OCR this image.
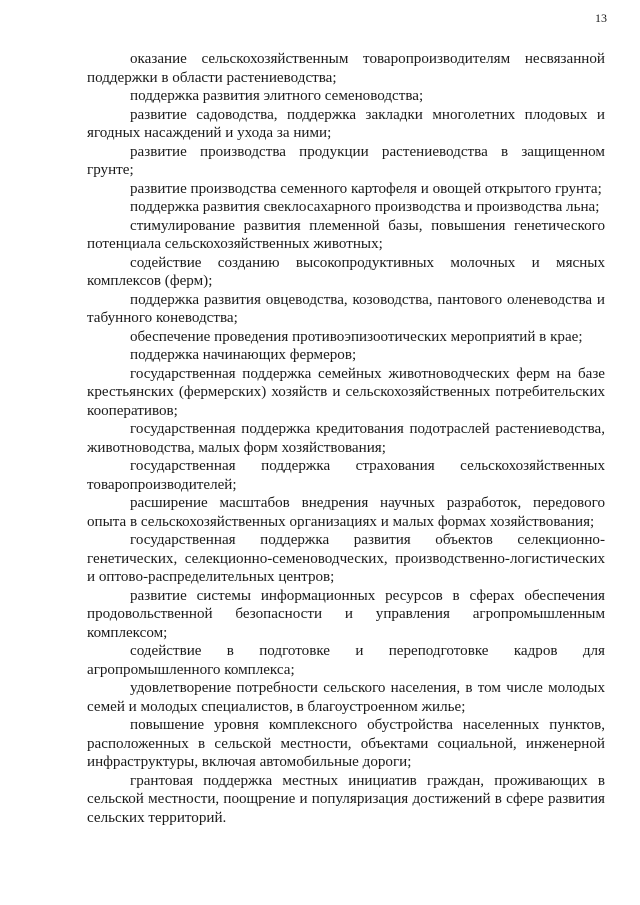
13

оказание сельскохозяйственным товаропроизводителям несвязанной поддержки в области растениеводства;

поддержка развития элитного семеноводства;

развитие садоводства, поддержка закладки многолетних плодовых и ягодных насаждений и ухода за ними;

развитие производства продукции растениеводства в защищенном грунте;

развитие производства семенного картофеля и овощей открытого грунта;

поддержка развития свеклосахарного производства и производства льна;

стимулирование развития племенной базы, повышения генетического потенциала сельскохозяйственных животных;

содействие созданию высокопродуктивных молочных и мясных комплексов (ферм);

поддержка развития овцеводства, козоводства, пантового оленеводства и табунного коневодства;

обеспечение проведения противоэпизоотических мероприятий в крае;

поддержка начинающих фермеров;

государственная поддержка семейных животноводческих ферм на базе крестьянских (фермерских) хозяйств и сельскохозяйственных потребительских кооперативов;

государственная поддержка кредитования подотраслей растениеводства, животноводства, малых форм хозяйствования;

государственная поддержка страхования сельскохозяйственных товаропроизводителей;

расширение масштабов внедрения научных разработок, передового опыта в сельскохозяйственных организациях и малых формах хозяйствования;

государственная поддержка развития объектов селекционно-генетических, селекционно-семеноводческих, производственно-логистических и оптово-распределительных центров;

развитие системы информационных ресурсов в сферах обеспечения продовольственной безопасности и управления агропромышленным комплексом;

содействие в подготовке и переподготовке кадров для агропромышленного комплекса;

удовлетворение потребности сельского населения, в том числе молодых семей и молодых специалистов, в благоустроенном жилье;

повышение уровня комплексного обустройства населенных пунктов, расположенных в сельской местности, объектами социальной, инженерной инфраструктуры, включая автомобильные дороги;

грантовая поддержка местных инициатив граждан, проживающих в сельской местности, поощрение и популяризация достижений в сфере развития сельских территорий.
